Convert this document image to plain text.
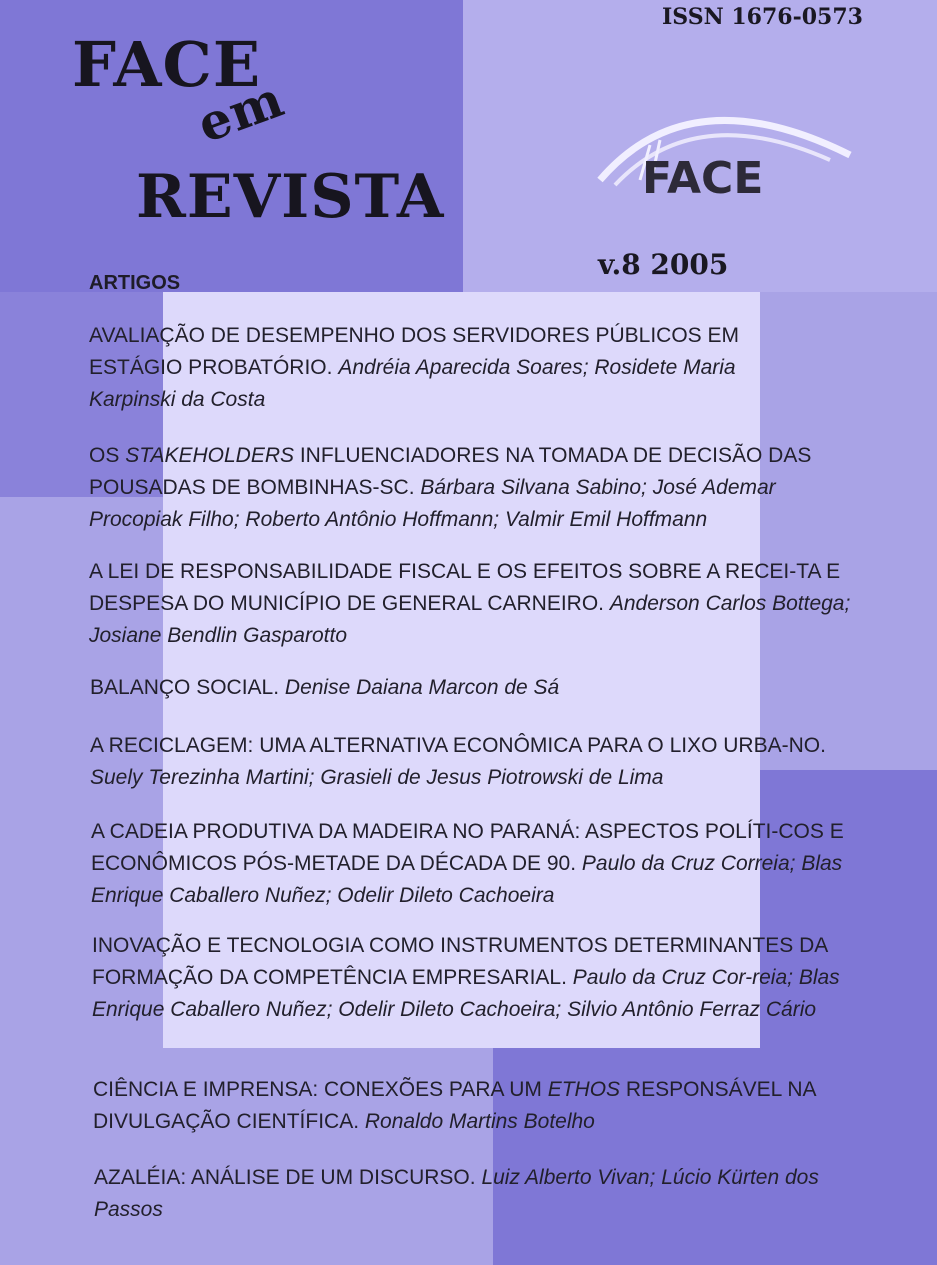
ISSN 1676-0573

FACE
em
REVISTA	FACE

v.8 2005

ARTIGOS

AVALIAÇÃO DE DESEMPENHO DOS SERVIDORES PÚBLICOS EM ESTÁGIO PROBATÓRIO. Andréia Aparecida Soares; Rosidete Maria Karpinski da Costa

OS STAKEHOLDERS INFLUENCIADORES NA TOMADA DE DECISÃO DAS POUSADAS DE BOMBINHAS-SC. Bárbara Silvana Sabino; José Ademar Procopiak Filho; Roberto Antônio Hoffmann; Valmir Emil Hoffmann

A LEI DE RESPONSABILIDADE FISCAL E OS EFEITOS SOBRE A RECEI-TA E DESPESA DO MUNICÍPIO DE GENERAL CARNEIRO. Anderson Carlos Bottega; Josiane Bendlin Gasparotto

BALANÇO SOCIAL. Denise Daiana Marcon de Sá

A RECICLAGEM: UMA ALTERNATIVA ECONÔMICA PARA O LIXO URBA-NO. Suely Terezinha Martini; Grasieli de Jesus Piotrowski de Lima

A CADEIA PRODUTIVA DA MADEIRA NO PARANÁ: ASPECTOS POLÍTI-COS E ECONÔMICOS PÓS-METADE DA DÉCADA DE 90. Paulo da Cruz Correia; Blas Enrique Caballero Nuñez; Odelir Dileto Cachoeira

INOVAÇÃO E TECNOLOGIA COMO INSTRUMENTOS DETERMINANTES DA FORMAÇÃO DA COMPETÊNCIA EMPRESARIAL. Paulo da Cruz Cor-reia; Blas Enrique Caballero Nuñez; Odelir Dileto Cachoeira; Silvio Antônio Ferraz Cário

CIÊNCIA E IMPRENSA: CONEXÕES PARA UM ETHOS RESPONSÁVEL NA DIVULGAÇÃO CIENTÍFICA. Ronaldo Martins Botelho

AZALÉIA: ANÁLISE DE UM DISCURSO. Luiz Alberto Vivan; Lúcio Kürten dos Passos
